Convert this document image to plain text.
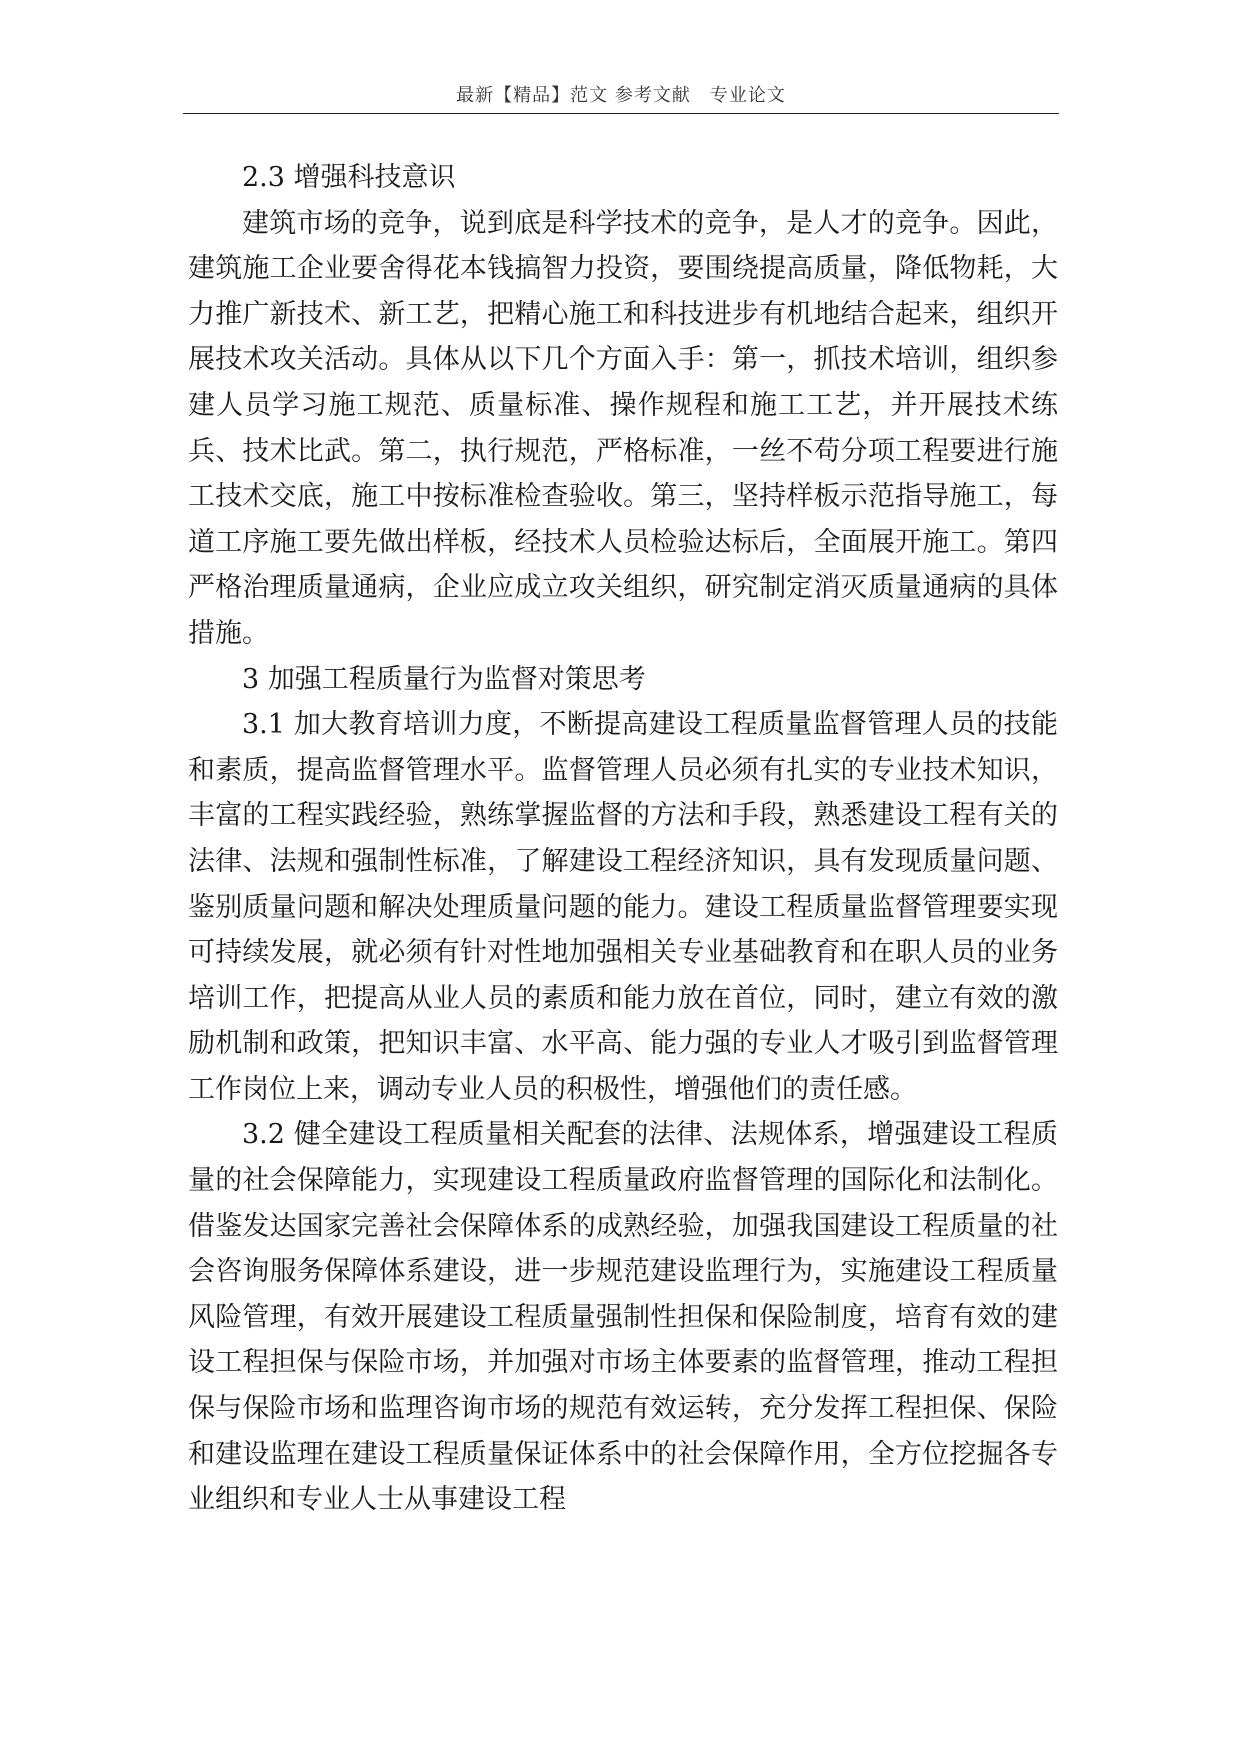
最新【精品】范文 参考文献　专业论文

2.3 增强科技意识

建筑市场的竞争，说到底是科学技术的竞争，是人才的竞争。因此，建筑施工企业要舍得花本钱搞智力投资，要围绕提高质量，降低物耗，大力推广新技术、新工艺，把精心施工和科技进步有机地结合起来，组织开展技术攻关活动。具体从以下几个方面入手：第一，抓技术培训，组织参建人员学习施工规范、质量标准、操作规程和施工工艺，并开展技术练兵、技术比武。第二，执行规范，严格标准，一丝不苟分项工程要进行施工技术交底，施工中按标准检查验收。第三，坚持样板示范指导施工，每道工序施工要先做出样板，经技术人员检验达标后，全面展开施工。第四严格治理质量通病，企业应成立攻关组织，研究制定消灭质量通病的具体措施。

3 加强工程质量行为监督对策思考

3.1 加大教育培训力度，不断提高建设工程质量监督管理人员的技能和素质，提高监督管理水平。监督管理人员必须有扎实的专业技术知识，丰富的工程实践经验，熟练掌握监督的方法和手段，熟悉建设工程有关的法律、法规和强制性标准，了解建设工程经济知识，具有发现质量问题、鉴别质量问题和解决处理质量问题的能力。建设工程质量监督管理要实现可持续发展，就必须有针对性地加强相关专业基础教育和在职人员的业务培训工作，把提高从业人员的素质和能力放在首位，同时，建立有效的激励机制和政策，把知识丰富、水平高、能力强的专业人才吸引到监督管理工作岗位上来，调动专业人员的积极性，增强他们的责任感。

3.2 健全建设工程质量相关配套的法律、法规体系，增强建设工程质量的社会保障能力，实现建设工程质量政府监督管理的国际化和法制化。借鉴发达国家完善社会保障体系的成熟经验，加强我国建设工程质量的社会咨询服务保障体系建设，进一步规范建设监理行为，实施建设工程质量风险管理，有效开展建设工程质量强制性担保和保险制度，培育有效的建设工程担保与保险市场，并加强对市场主体要素的监督管理，推动工程担保与保险市场和监理咨询市场的规范有效运转，充分发挥工程担保、保险和建设监理在建设工程质量保证体系中的社会保障作用，全方位挖掘各专业组织和专业人士从事建设工程
